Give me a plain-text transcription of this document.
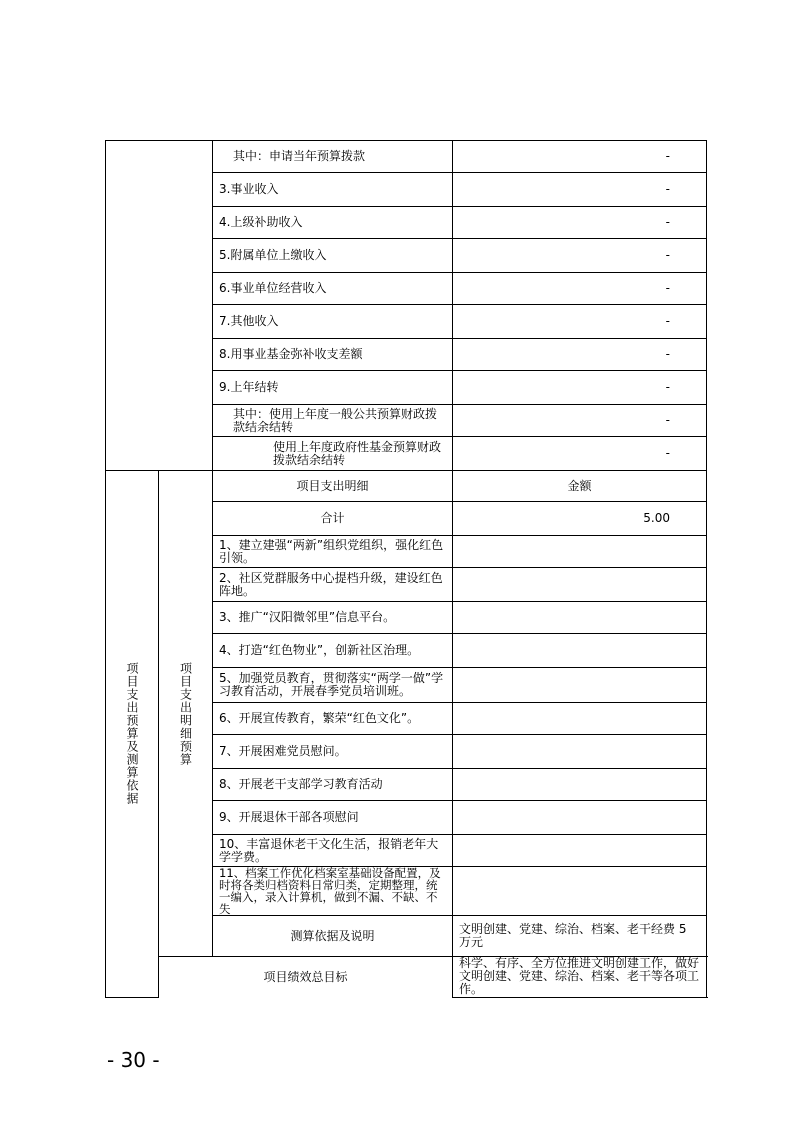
		其中：申请当年预算拨款	-
		3.事业收入	-
		4.上级补助收入	-
		5.附属单位上缴收入	-
		6.事业单位经营收入	-
		7.其他收入	-
		8.用事业基金弥补收支差额	-
		9.上年结转	-
		其中：使用上年度一般公共预算财政拨款结余结转	-
		使用上年度政府性基金预算财政拨款结余结转	-
项目支出预算及测算依据	项目支出明细预算	项目支出明细	金额
		合计	5.00
		1、建立建强“两新”组织党组织，强化红色引领。	
		2、社区党群服务中心提档升级，建设红色阵地。	
		3、推广“汉阳微邻里”信息平台。	
		4、打造“红色物业”，创新社区治理。	
		5、加强党员教育，贯彻落实“两学一做”学习教育活动，开展春季党员培训班。	
		6、开展宣传教育，繁荣“红色文化”。	
		7、开展困难党员慰问。	
		8、开展老干支部学习教育活动	
		9、开展退休干部各项慰问	
		10、丰富退休老干文化生活，报销老年大学学费。	
		11、档案工作优化档案室基础设备配置，及时将各类归档资料日常归类，定期整理，统一编入，录入计算机，做到不漏、不缺、不失	
		测算依据及说明	文明创建、党建、综治、档案、老干经费 5 万元
	项目绩效总目标		科学、有序、全方位推进文明创建工作，做好文明创建、党建、综治、档案、老干等各项工作。
- 30 -
